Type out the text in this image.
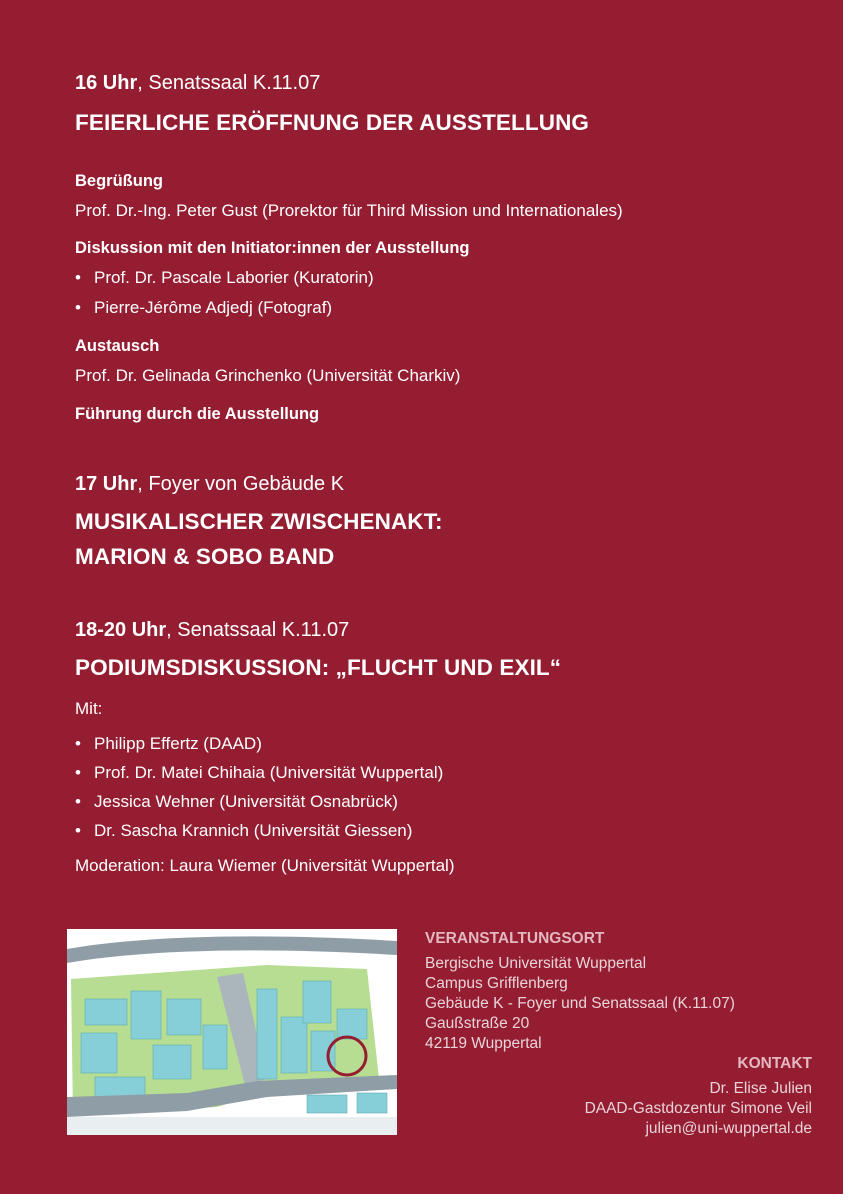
16 Uhr, Senatssaal K.11.07
FEIERLICHE ERÖFFNUNG DER AUSSTELLUNG
Begrüßung
Prof. Dr.-Ing. Peter Gust (Prorektor für Third Mission und Internationales)
Diskussion mit den Initiator:innen der Ausstellung
• Prof. Dr. Pascale Laborier (Kuratorin)
• Pierre-Jérôme Adjedj (Fotograf)
Austausch
Prof. Dr. Gelinada Grinchenko (Universität Charkiv)
Führung durch die Ausstellung
17 Uhr, Foyer von Gebäude K
MUSIKALISCHER ZWISCHENAKT:
MARION & SOBO BAND
18-20 Uhr, Senatssaal K.11.07
PODIUMSDISKUSSION: „FLUCHT UND EXIL“
Mit:
• Philipp Effertz (DAAD)
• Prof. Dr. Matei Chihaia (Universität Wuppertal)
• Jessica Wehner (Universität Osnabrück)
• Dr. Sascha Krannich (Universität Giessen)
Moderation: Laura Wiemer (Universität Wuppertal)
VERANSTALTUNGSORT
Bergische Universität Wuppertal
Campus Grifflenberg
Gebäude K - Foyer und Senatssaal (K.11.07)
Gaußstraße 20
42119 Wuppertal
KONTAKT
Dr. Elise Julien
DAAD-Gastdozentur Simone Veil
julien@uni-wuppertal.de
